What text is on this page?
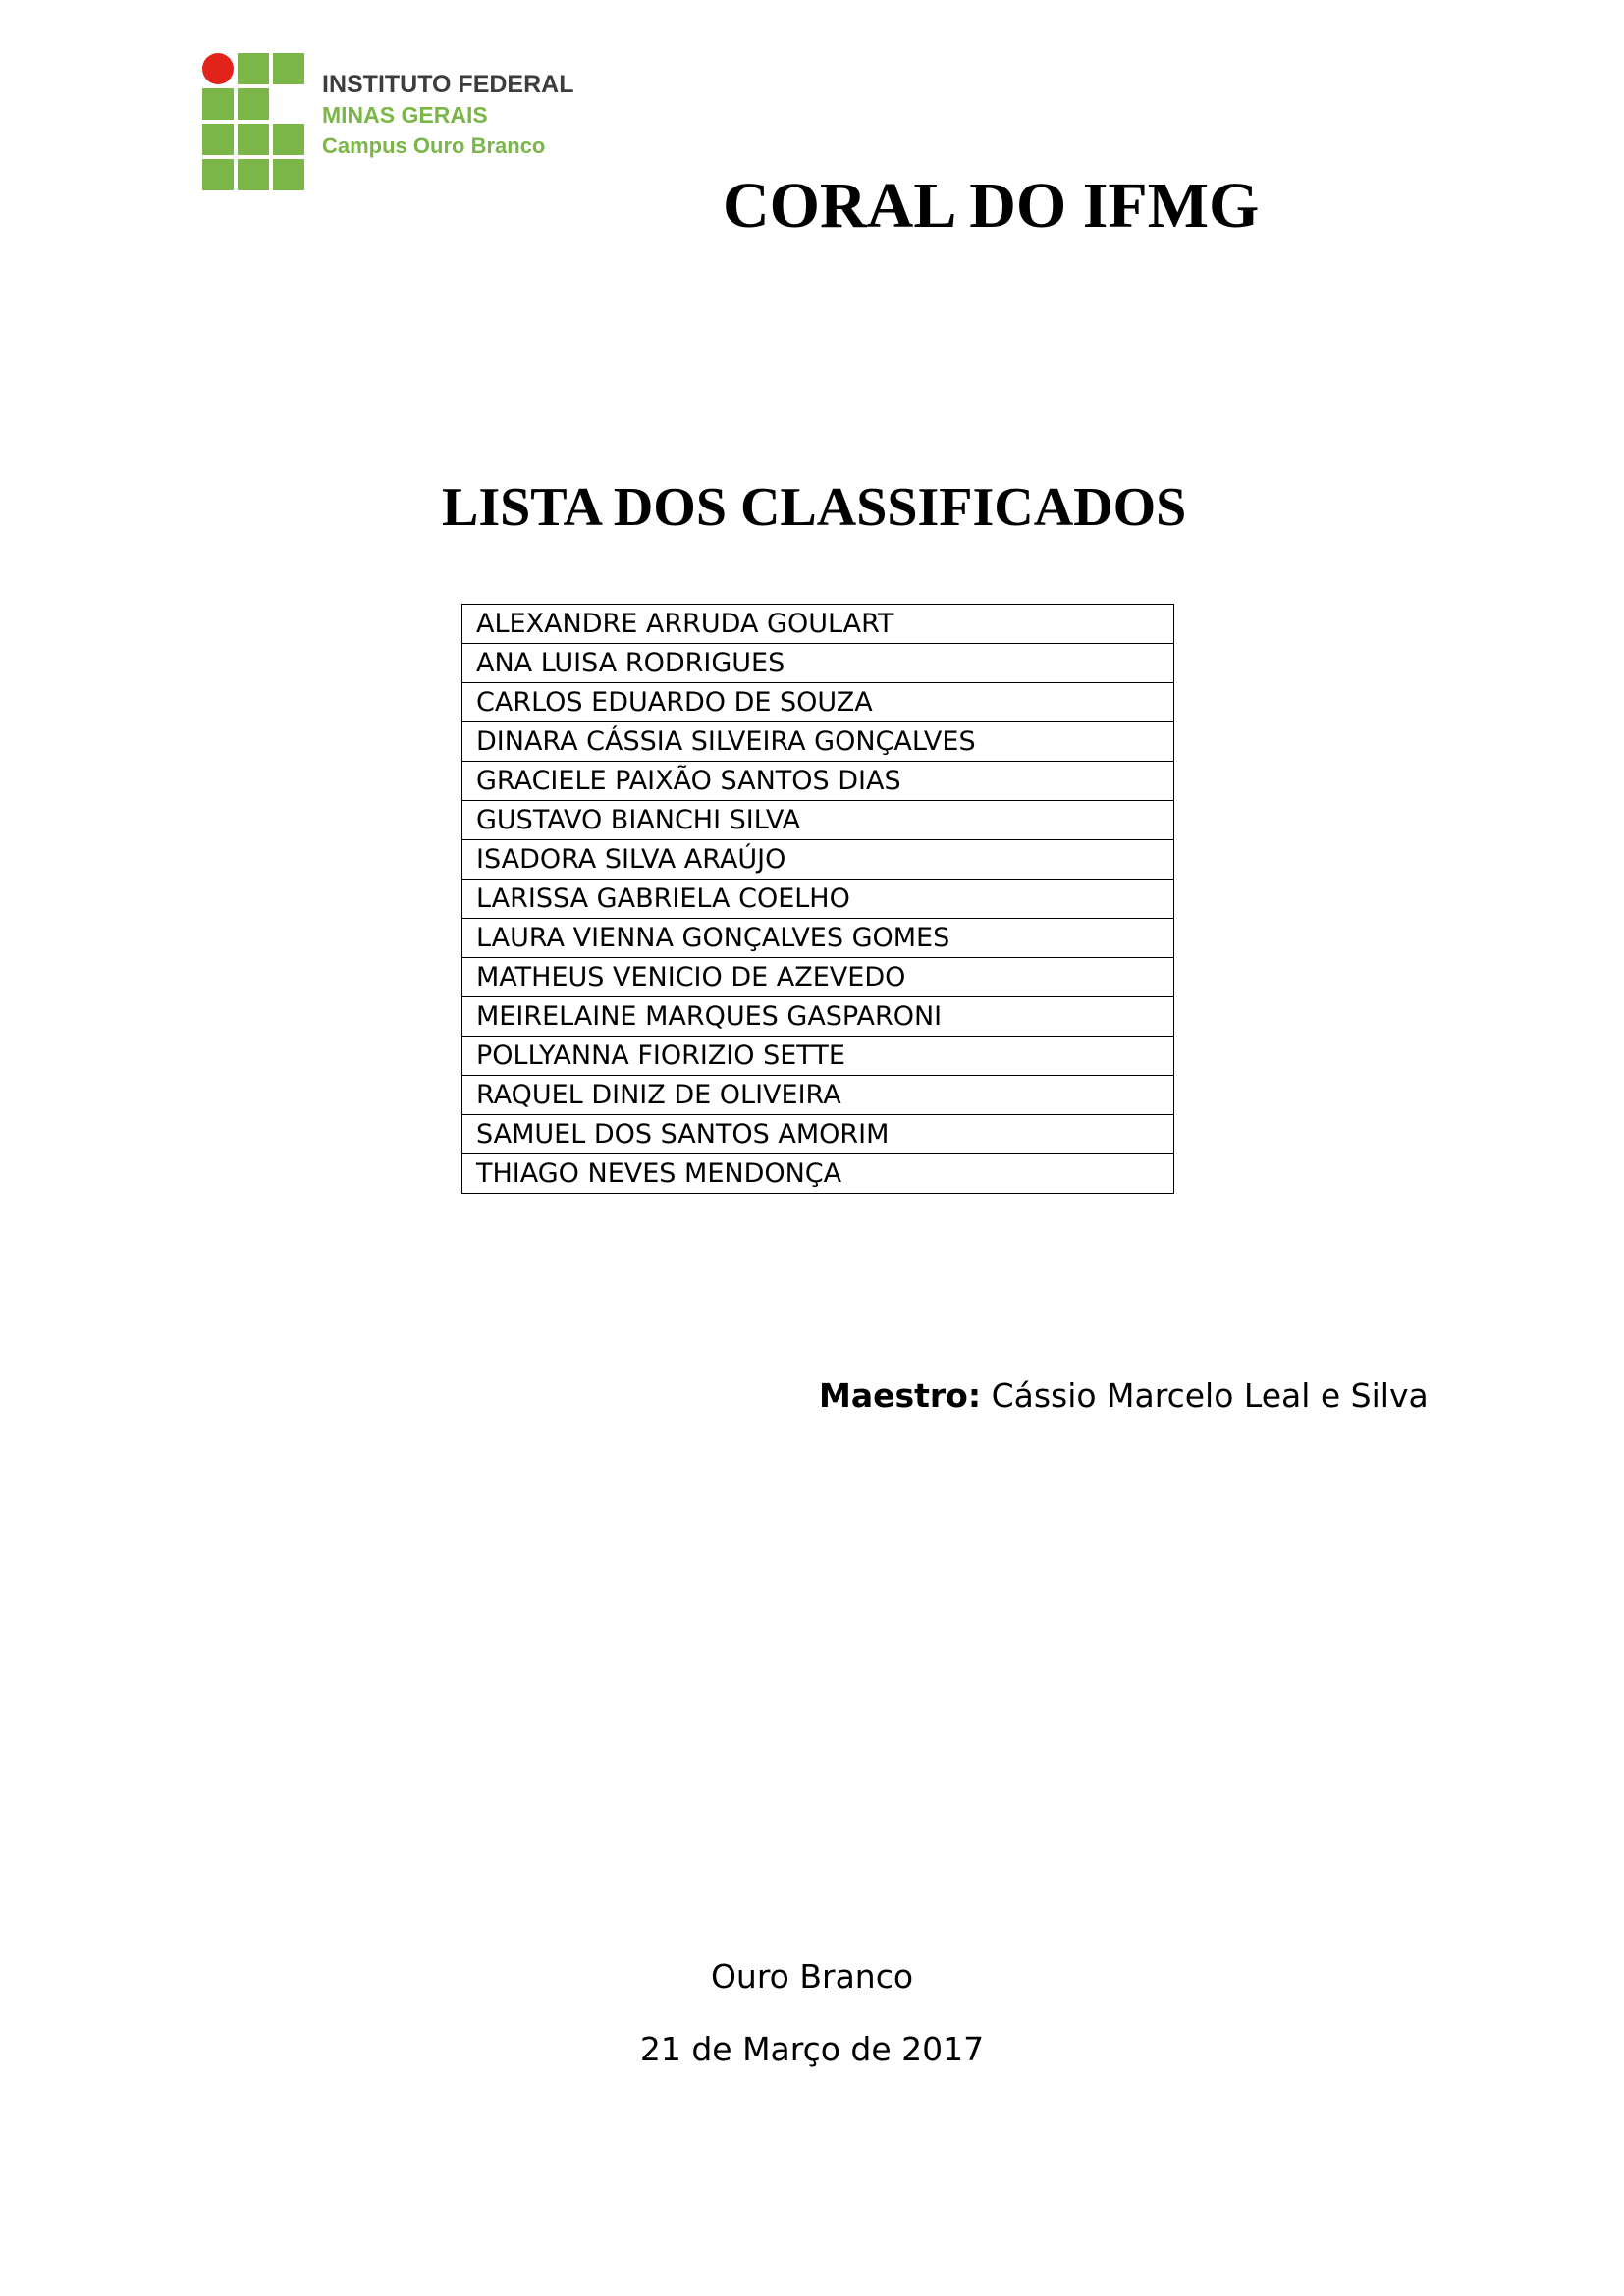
INSTITUTO FEDERAL
MINAS GERAIS
Campus Ouro Branco
CORAL DO IFMG
LISTA DOS CLASSIFICADOS
ALEXANDRE ARRUDA GOULART
ANA LUISA RODRIGUES
CARLOS EDUARDO DE SOUZA
DINARA CÁSSIA SILVEIRA GONÇALVES
GRACIELE PAIXÃO SANTOS DIAS
GUSTAVO BIANCHI SILVA
ISADORA SILVA ARAÚJO
LARISSA GABRIELA COELHO
LAURA VIENNA GONÇALVES GOMES
MATHEUS VENICIO DE AZEVEDO
MEIRELAINE MARQUES GASPARONI
POLLYANNA FIORIZIO SETTE
RAQUEL DINIZ DE OLIVEIRA
SAMUEL DOS SANTOS AMORIM
THIAGO NEVES MENDONÇA
Maestro: Cássio Marcelo Leal e Silva
Ouro Branco
21 de Março de 2017
